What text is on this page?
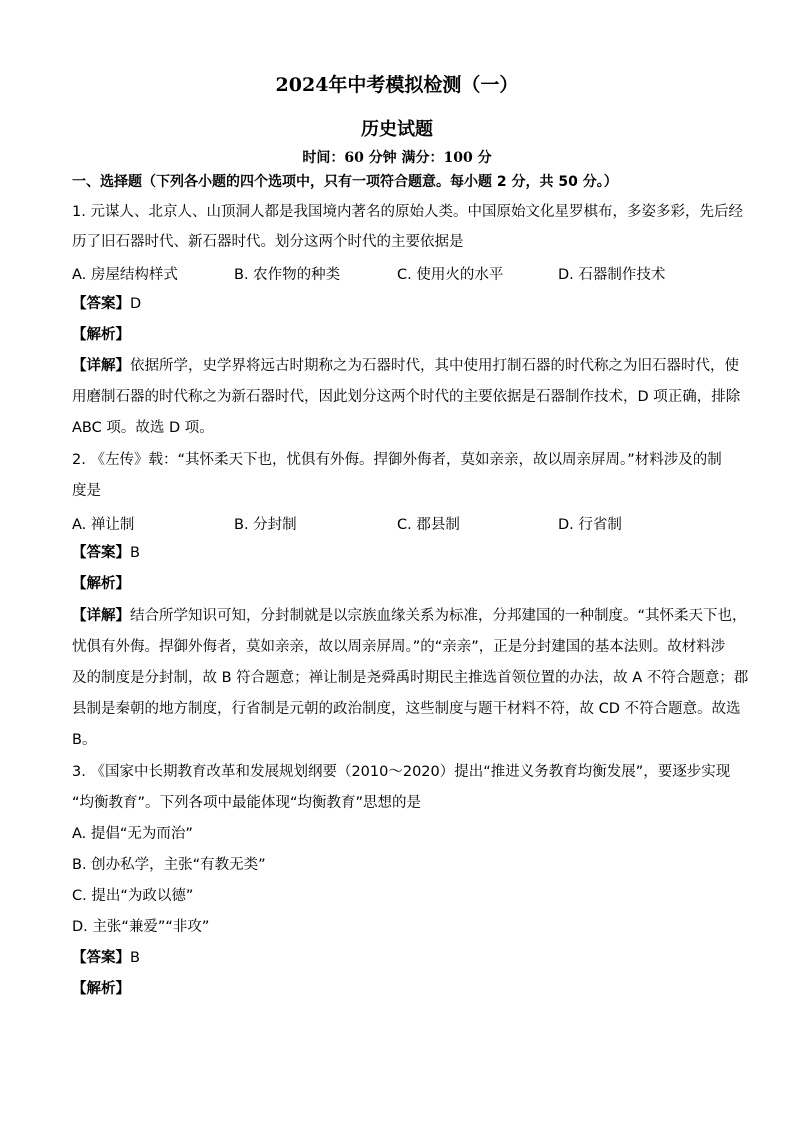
2024年中考模拟检测（一）
历史试题
时间：60 分钟 满分：100 分
一、选择题（下列各小题的四个选项中，只有一项符合题意。每小题 2 分，共 50 分。）
1. 元谋人、北京人、山顶洞人都是我国境内著名的原始人类。中国原始文化星罗棋布，多姿多彩，先后经
历了旧石器时代、新石器时代。划分这两个时代的主要依据是
A. 房屋结构样式	B. 农作物的种类	C. 使用火的水平	D. 石器制作技术
【答案】D
【解析】
【详解】依据所学，史学界将远古时期称之为石器时代，其中使用打制石器的时代称之为旧石器时代，使
用磨制石器的时代称之为新石器时代，因此划分这两个时代的主要依据是石器制作技术，D 项正确，排除
ABC 项。故选 D 项。
2. 《左传》载：“其怀柔天下也，忧俱有外侮。捍御外侮者，莫如亲亲，故以周亲屏周。”材料涉及的制
度是
A. 禅让制	B. 分封制	C. 郡县制	D. 行省制
【答案】B
【解析】
【详解】结合所学知识可知，分封制就是以宗族血缘关系为标准，分邦建国的一种制度。“其怀柔天下也，
忧俱有外侮。捍御外侮者，莫如亲亲，故以周亲屏周。”的“亲亲”，正是分封建国的基本法则。故材料涉
及的制度是分封制，故 B 符合题意；禅让制是尧舜禹时期民主推选首领位置的办法，故 A 不符合题意；郡
县制是秦朝的地方制度，行省制是元朝的政治制度，这些制度与题干材料不符，故 CD 不符合题意。故选
B。
3. 《国家中长期教育改革和发展规划纲要（2010～2020）提出“推进义务教育均衡发展”，要逐步实现
“均衡教育”。下列各项中最能体现“均衡教育”思想的是
A. 提倡“无为而治”
B. 创办私学，主张“有教无类”
C. 提出“为政以德”
D. 主张“兼爱”“非攻”
【答案】B
【解析】
